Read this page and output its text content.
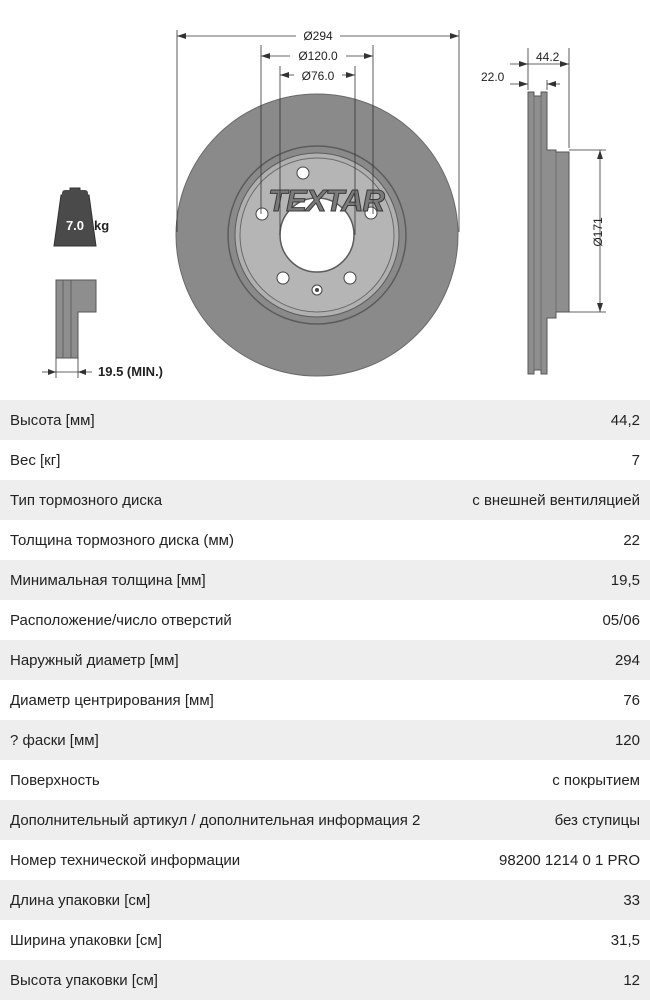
TEXTAR
Ø294
Ø120.0
Ø76.0
44.2
22.0
Ø171
7.0 kg
19.5 (MIN.)
Высота [мм]	44,2
Вес [кг]	7
Тип тормозного диска	с внешней вентиляцией
Толщина тормозного диска (мм)	22
Минимальная толщина [мм]	19,5
Расположение/число отверстий	05/06
Наружный диаметр [мм]	294
Диаметр центрирования [мм]	76
? фаски [мм]	120
Поверхность	с покрытием
Дополнительный артикул / дополнительная информация 2	без ступицы
Номер технической информации	98200 1214 0 1 PRO
Длина упаковки [см]	33
Ширина упаковки [см]	31,5
Высота упаковки [см]	12
